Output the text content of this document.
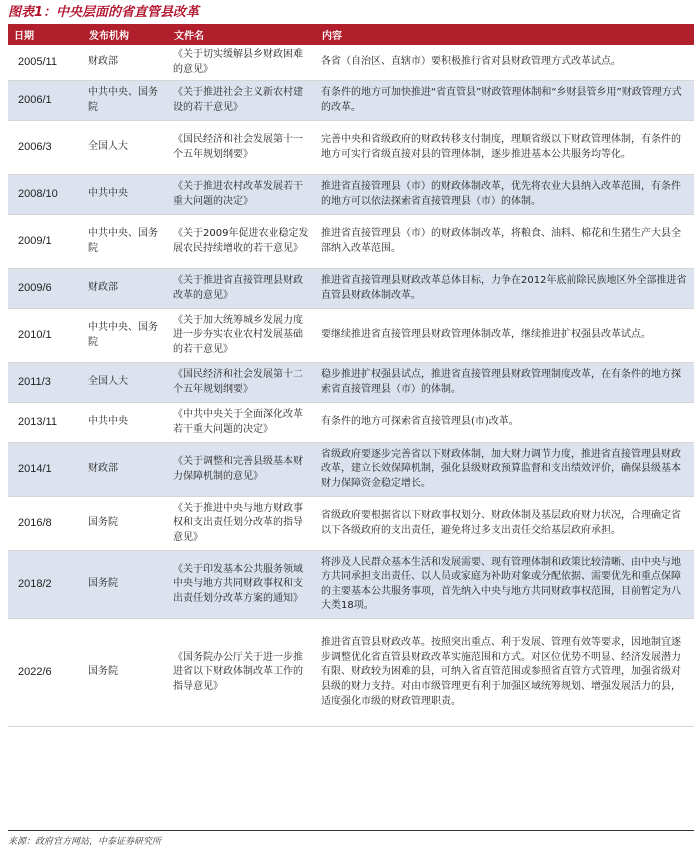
图表1：中央层面的省直管县改革
日期	发布机构	文件名	内容
2005/11	财政部	《关于切实缓解县乡财政困难的意见》	各省（自治区、直辖市）要积极推行省对县财政管理方式改革试点。
2006/1	中共中央、国务院	《关于推进社会主义新农村建设的若干意见》	有条件的地方可加快推进“省直管县”财政管理体制和“乡财县管乡用”财政管理方式的改革。
2006/3	全国人大	《国民经济和社会发展第十一个五年规划纲要》	完善中央和省级政府的财政转移支付制度，理顺省级以下财政管理体制，有条件的地方可实行省级直接对县的管理体制，逐步推进基本公共服务均等化。
2008/10	中共中央	《关于推进农村改革发展若干重大问题的决定》	推进省直接管理县（市）的财政体制改革，优先将农业大县纳入改革范围，有条件的地方可以依法探索省直接管理县（市）的体制。
2009/1	中共中央、国务院	《关于2009年促进农业稳定发展农民持续增收的若干意见》	推进省直接管理县（市）的财政体制改革，将粮食、油料、棉花和生猪生产大县全部纳入改革范围。
2009/6	财政部	《关于推进省直接管理县财政改革的意见》	推进省直接管理县财政改革总体目标，力争在2012年底前除民族地区外全部推进省直管县财政体制改革。
2010/1	中共中央、国务院	《关于加大统筹城乡发展力度进一步夯实农业农村发展基础的若干意见》	要继续推进省直接管理县财政管理体制改革，继续推进扩权强县改革试点。
2011/3	全国人大	《国民经济和社会发展第十二个五年规划纲要》	稳步推进扩权强县试点，推进省直接管理县财政管理制度改革，在有条件的地方探索省直接管理县（市）的体制。
2013/11	中共中央	《中共中央关于全面深化改革若干重大问题的决定》	有条件的地方可探索省直接管理县(市)改革。
2014/1	财政部	《关于调整和完善县级基本财力保障机制的意见》	省级政府要逐步完善省以下财政体制，加大财力调节力度，推进省直接管理县财政改革，建立长效保障机制，强化县级财政预算监督和支出绩效评价，确保县级基本财力保障资金稳定增长。
2016/8	国务院	《关于推进中央与地方财政事权和支出责任划分改革的指导意见》	省级政府要根据省以下财政事权划分、财政体制及基层政府财力状况，合理确定省以下各级政府的支出责任，避免将过多支出责任交给基层政府承担。
2018/2	国务院	《关于印发基本公共服务领域中央与地方共同财政事权和支出责任划分改革方案的通知》	将涉及人民群众基本生活和发展需要、现有管理体制和政策比较清晰、由中央与地方共同承担支出责任、以人员或家庭为补助对象或分配依据、需要优先和重点保障的主要基本公共服务事项，首先纳入中央与地方共同财政事权范围，目前暂定为八大类18项。
2022/6	国务院	《国务院办公厅关于进一步推进省以下财政体制改革工作的指导意见》	推进省直管县财政改革。按照突出重点、利于发展、管理有效等要求，因地制宜逐步调整优化省直管县财政改革实施范围和方式。对区位优势不明显、经济发展潜力有限、财政较为困难的县，可纳入省直管范围或参照省直管方式管理，加强省级对县级的财力支持。对由市级管理更有利于加强区域统筹规划、增强发展活力的县，适度强化市级的财政管理职责。
来源：政府官方网站，中泰证券研究所
